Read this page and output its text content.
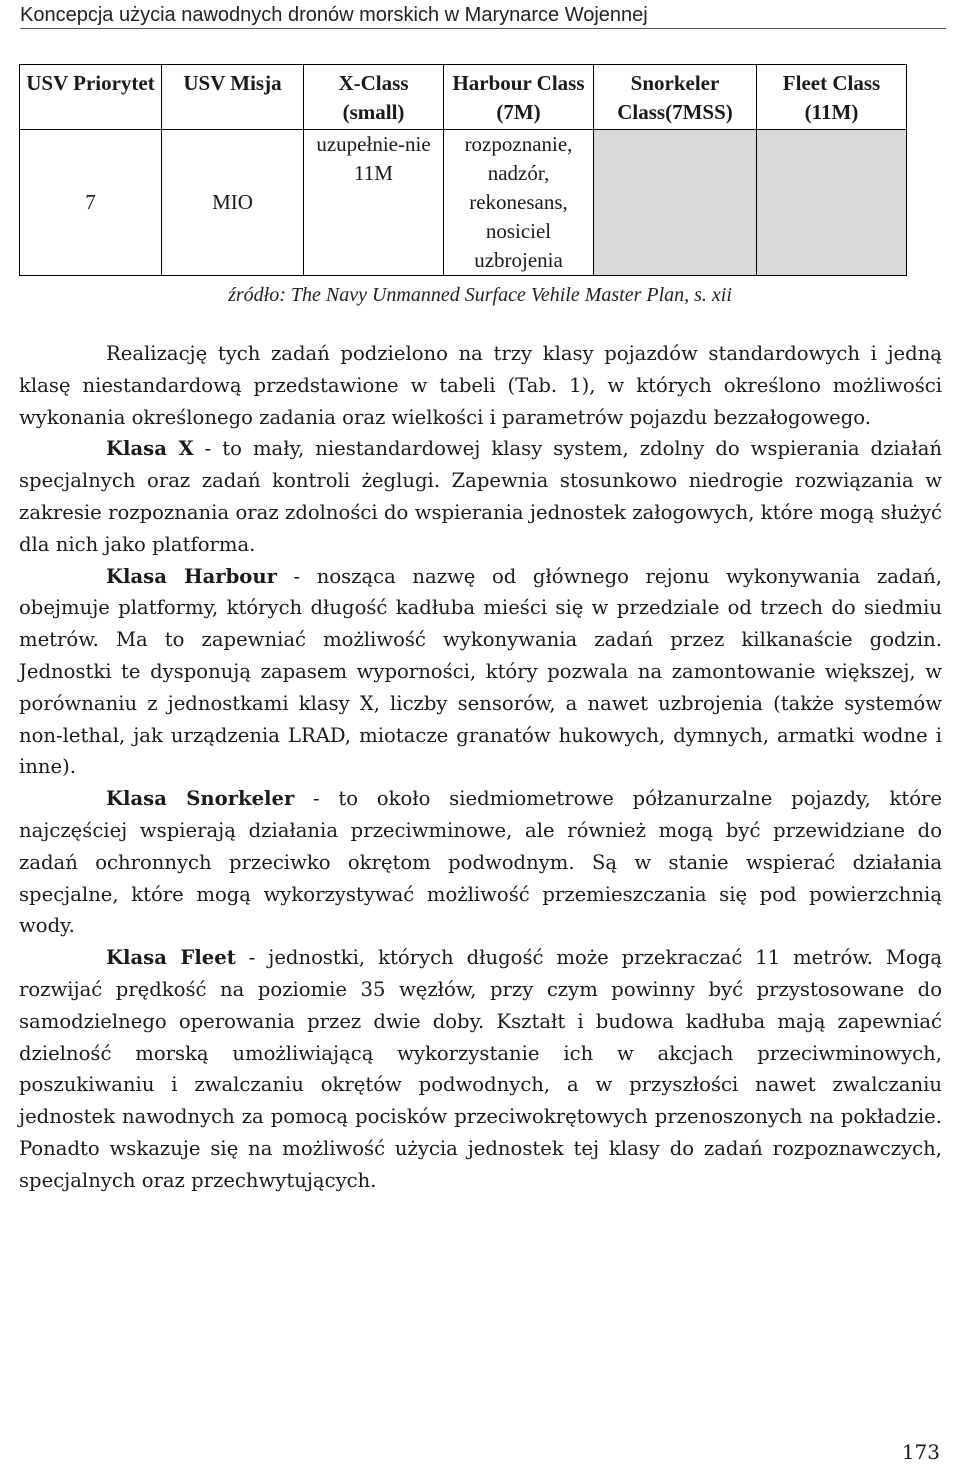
Koncepcja użycia nawodnych dronów morskich w Marynarce Wojennej
USV Priorytet	USV Misja	X-Class (small)	Harbour Class (7M)	Snorkeler Class(7MSS)	Fleet Class (11M)
7	MIO	uzupełnie-nie 11M	rozpoznanie, nadzór, rekonesans, nosiciel uzbrojenia		
źródło: The Navy Unmanned Surface Vehile Master Plan, s. xii

Realizację tych zadań podzielono na trzy klasy pojazdów standardowych i jedną klasę niestandardową przedstawione w tabeli (Tab. 1), w których określono możliwości wykonania określonego zadania oraz wielkości i parametrów pojazdu bezzałogowego.

Klasa X - to mały, niestandardowej klasy system, zdolny do wspierania działań specjalnych oraz zadań kontroli żeglugi. Zapewnia stosunkowo niedrogie rozwiązania w zakresie rozpoznania oraz zdolności do wspierania jednostek załogowych, które mogą służyć dla nich jako platforma.

Klasa Harbour - nosząca nazwę od głównego rejonu wykonywania zadań, obejmuje platformy, których długość kadłuba mieści się w przedziale od trzech do siedmiu metrów. Ma to zapewniać możliwość wykonywania zadań przez kilkanaście godzin. Jednostki te dysponują zapasem wyporności, który pozwala na zamontowanie większej, w porównaniu z jednostkami klasy X, liczby sensorów, a nawet uzbrojenia (także systemów non-lethal, jak urządzenia LRAD, miotacze granatów hukowych, dymnych, armatki wodne i inne).

Klasa Snorkeler - to około siedmiometrowe półzanurzalne pojazdy, które najczęściej wspierają działania przeciwminowe, ale również mogą być przewidziane do zadań ochronnych przeciwko okrętom podwodnym. Są w stanie wspierać działania specjalne, które mogą wykorzystywać możliwość przemieszczania się pod powierzchnią wody.

Klasa Fleet - jednostki, których długość może przekraczać 11 metrów. Mogą rozwijać prędkość na poziomie 35 węzłów, przy czym powinny być przystosowane do samodzielnego operowania przez dwie doby. Kształt i budowa kadłuba mają zapewniać dzielność morską umożliwiającą wykorzystanie ich w akcjach przeciwminowych, poszukiwaniu i zwalczaniu okrętów podwodnych, a w przyszłości nawet zwalczaniu jednostek nawodnych za pomocą pocisków przeciwokrętowych przenoszonych na pokładzie. Ponadto wskazuje się na możliwość użycia jednostek tej klasy do zadań rozpoznawczych, specjalnych oraz przechwytujących.

173
